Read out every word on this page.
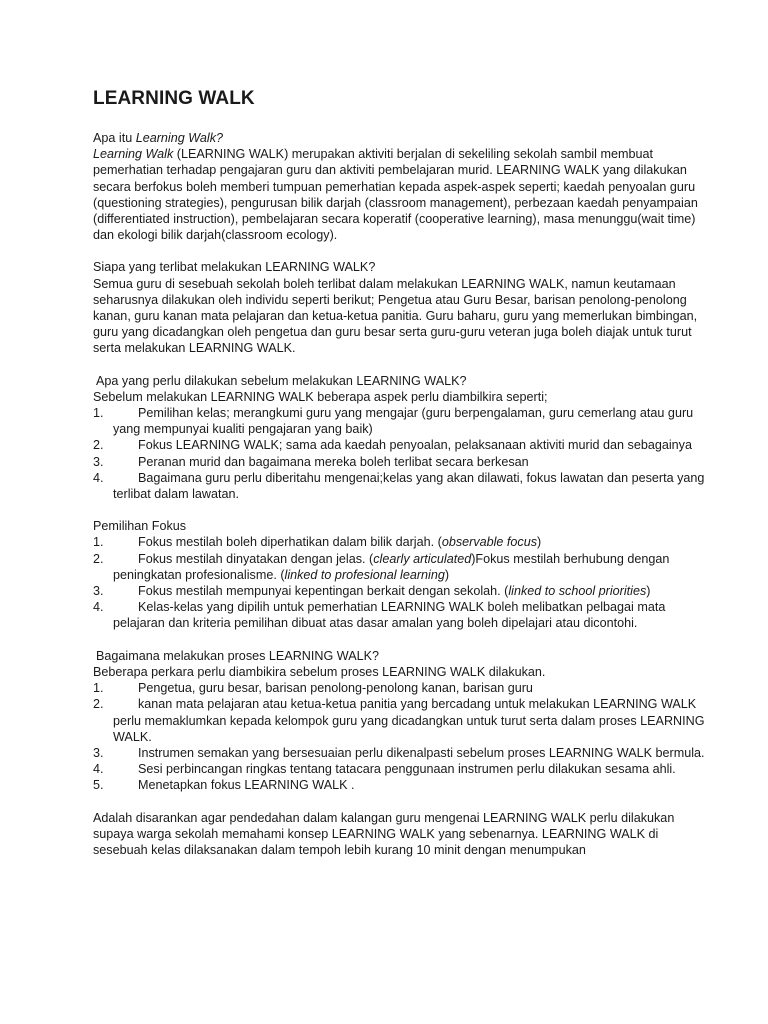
LEARNING WALK
Apa itu Learning Walk?

Learning Walk (LEARNING WALK) merupakan aktiviti berjalan di sekeliling sekolah sambil membuat pemerhatian terhadap pengajaran guru dan aktiviti pembelajaran murid. LEARNING WALK yang dilakukan secara berfokus boleh memberi tumpuan pemerhatian kepada aspek-aspek seperti; kaedah penyoalan guru (questioning strategies), pengurusan bilik darjah (classroom management), perbezaan kaedah penyampaian (differentiated instruction), pembelajaran secara koperatif (cooperative learning), masa menunggu(wait time) dan ekologi bilik darjah(classroom ecology).

Siapa yang terlibat melakukan LEARNING WALK?

Semua guru di sesebuah sekolah boleh terlibat dalam melakukan LEARNING WALK, namun keutamaan seharusnya dilakukan oleh individu seperti berikut; Pengetua atau Guru Besar, barisan penolong-penolong kanan, guru kanan mata pelajaran dan ketua-ketua panitia. Guru baharu, guru yang memerlukan bimbingan, guru yang dicadangkan oleh pengetua dan guru besar serta guru-guru veteran juga boleh diajak untuk turut serta melakukan LEARNING WALK.

Apa yang perlu dilakukan sebelum melakukan LEARNING WALK?
Sebelum melakukan LEARNING WALK beberapa aspek perlu diambilkira seperti;
1.	Pemilihan kelas; merangkumi guru yang mengajar (guru berpengalaman, guru cemerlang atau guru yang mempunyai kualiti pengajaran yang baik)
2.	Fokus LEARNING WALK; sama ada kaedah penyoalan, pelaksanaan aktiviti murid dan sebagainya
3.	Peranan murid dan bagaimana mereka boleh terlibat secara berkesan
4.	Bagaimana guru perlu diberitahu mengenai;kelas yang akan dilawati, fokus lawatan dan peserta yang terlibat dalam lawatan.
Pemilihan Fokus
1.	Fokus mestilah boleh diperhatikan dalam bilik darjah. (observable focus)
2.	Fokus mestilah dinyatakan dengan jelas. (clearly articulated)Fokus mestilah berhubung dengan peningkatan profesionalisme. (linked to profesional learning)
3.	Fokus mestilah mempunyai kepentingan berkait dengan sekolah. (linked to school priorities)
4.	Kelas-kelas yang dipilih untuk pemerhatian LEARNING WALK boleh melibatkan pelbagai mata pelajaran dan kriteria pemilihan dibuat atas dasar amalan yang boleh dipelajari atau dicontohi.
Bagaimana melakukan proses LEARNING WALK?
Beberapa perkara perlu diambikira sebelum proses LEARNING WALK dilakukan.
1.	Pengetua, guru besar, barisan penolong-penolong kanan, barisan guru
2.	kanan mata pelajaran atau ketua-ketua panitia yang bercadang untuk melakukan LEARNING WALK perlu memaklumkan kepada kelompok guru yang dicadangkan untuk turut serta dalam proses LEARNING WALK.
3.	Instrumen semakan yang bersesuaian perlu dikenalpasti sebelum proses LEARNING WALK bermula.
4.	Sesi perbincangan ringkas tentang tatacara penggunaan instrumen perlu dilakukan sesama ahli.
5.	Menetapkan fokus LEARNING WALK .

Adalah disarankan agar pendedahan dalam kalangan guru mengenai LEARNING WALK perlu dilakukan supaya warga sekolah memahami konsep LEARNING WALK yang sebenarnya. LEARNING WALK di sesebuah kelas dilaksanakan dalam tempoh lebih kurang 10 minit dengan menumpukan
